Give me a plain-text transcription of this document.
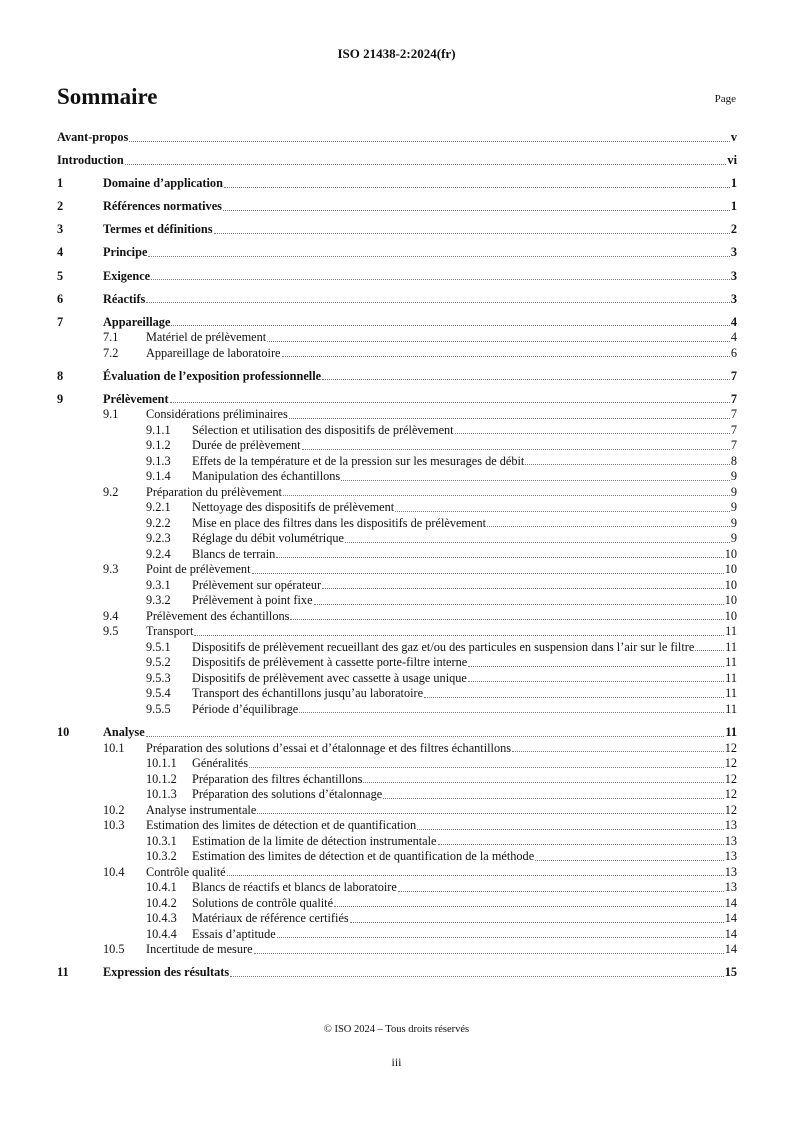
ISO 21438-2:2024(fr)
Sommaire	Page
Avant-propos	v
Introduction	vi
1	Domaine d’application	1
2	Références normatives	1
3	Termes et définitions	2
4	Principe	3
5	Exigence	3
6	Réactifs	3
7	Appareillage	4
7.1	Matériel de prélèvement	4
7.2	Appareillage de laboratoire	6
8	Évaluation de l’exposition professionnelle	7
9	Prélèvement	7
9.1	Considérations préliminaires	7
9.1.1	Sélection et utilisation des dispositifs de prélèvement	7
9.1.2	Durée de prélèvement	7
9.1.3	Effets de la température et de la pression sur les mesurages de débit	8
9.1.4	Manipulation des échantillons	9
9.2	Préparation du prélèvement	9
9.2.1	Nettoyage des dispositifs de prélèvement	9
9.2.2	Mise en place des filtres dans les dispositifs de prélèvement	9
9.2.3	Réglage du débit volumétrique	9
9.2.4	Blancs de terrain	10
9.3	Point de prélèvement	10
9.3.1	Prélèvement sur opérateur	10
9.3.2	Prélèvement à point fixe	10
9.4	Prélèvement des échantillons	10
9.5	Transport	11
9.5.1	Dispositifs de prélèvement recueillant des gaz et/ou des particules en suspension dans l’air sur le filtre	11
9.5.2	Dispositifs de prélèvement à cassette porte-filtre interne	11
9.5.3	Dispositifs de prélèvement avec cassette à usage unique	11
9.5.4	Transport des échantillons jusqu’au laboratoire	11
9.5.5	Période d’équilibrage	11
10	Analyse	11
10.1	Préparation des solutions d’essai et d’étalonnage et des filtres échantillons	12
10.1.1	Généralités	12
10.1.2	Préparation des filtres échantillons	12
10.1.3	Préparation des solutions d’étalonnage	12
10.2	Analyse instrumentale	12
10.3	Estimation des limites de détection et de quantification	13
10.3.1	Estimation de la limite de détection instrumentale	13
10.3.2	Estimation des limites de détection et de quantification de la méthode	13
10.4	Contrôle qualité	13
10.4.1	Blancs de réactifs et blancs de laboratoire	13
10.4.2	Solutions de contrôle qualité	14
10.4.3	Matériaux de référence certifiés	14
10.4.4	Essais d’aptitude	14
10.5	Incertitude de mesure	14
11	Expression des résultats	15
© ISO 2024 – Tous droits réservés
iii
